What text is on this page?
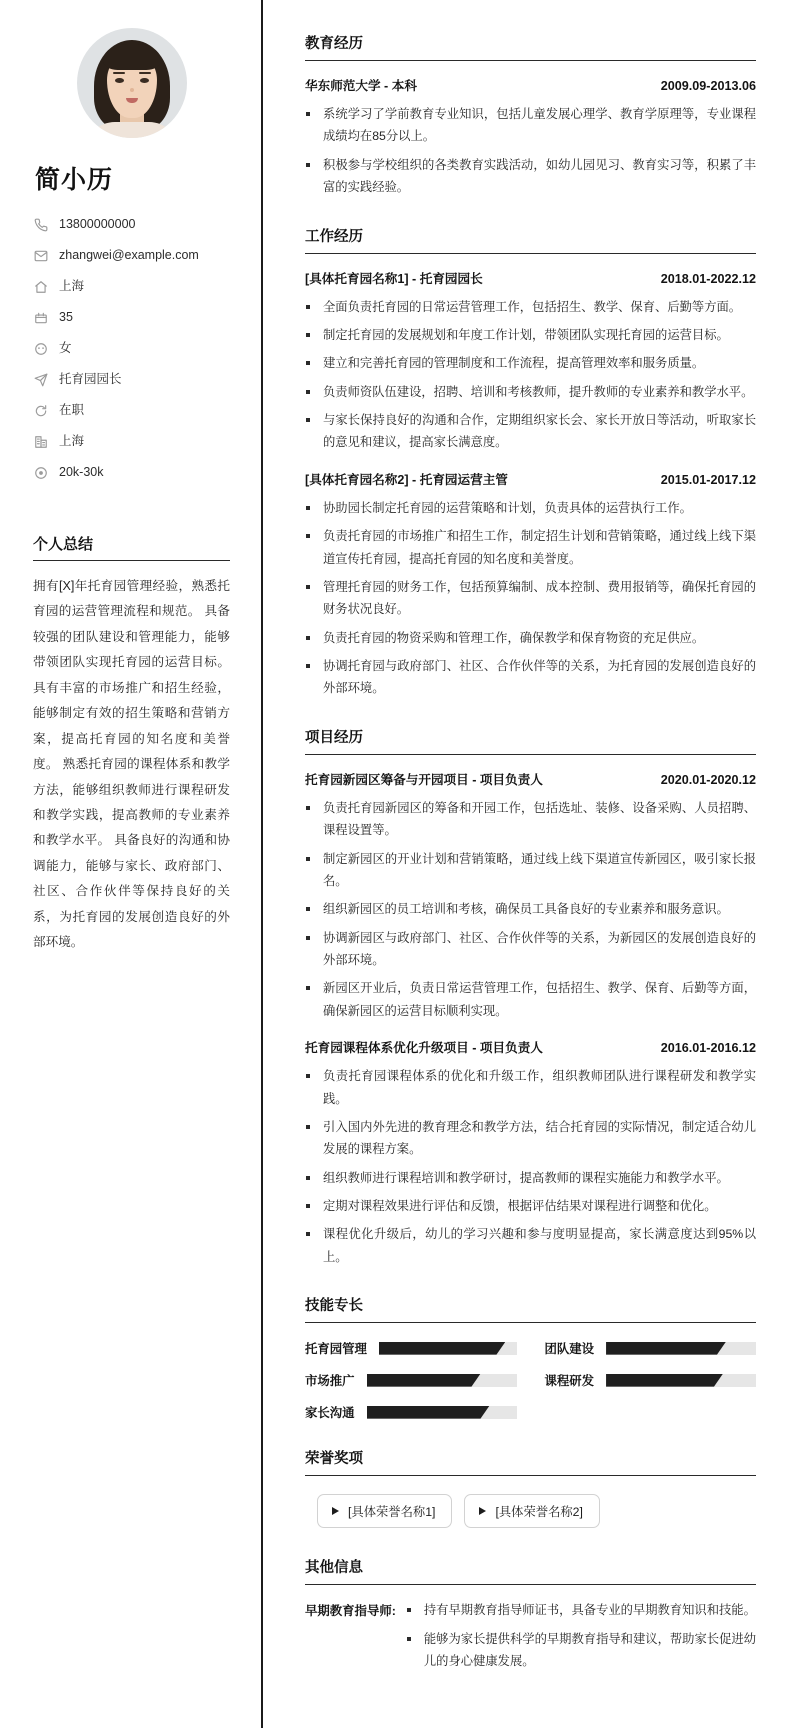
简小历
13800000000
zhangwei@example.com
上海
35
女
托育园园长
在职
上海
20k-30k
个人总结

拥有[X]年托育园管理经验，熟悉托育园的运营管理流程和规范。 具备较强的团队建设和管理能力，能够带领团队实现托育园的运营目标。 具有丰富的市场推广和招生经验，能够制定有效的招生策略和营销方案，提高托育园的知名度和美誉度。 熟悉托育园的课程体系和教学方法，能够组织教师进行课程研发和教学实践，提高教师的专业素养和教学水平。 具备良好的沟通和协调能力，能够与家长、政府部门、社区、合作伙伴等保持良好的关系，为托育园的发展创造良好的外部环境。

教育经历
华东师范大学 - 本科	2009.09-2013.06
系统学习了学前教育专业知识，包括儿童发展心理学、教育学原理等，专业课程成绩均在85分以上。
积极参与学校组织的各类教育实践活动，如幼儿园见习、教育实习等，积累了丰富的实践经验。
工作经历
[具体托育园名称1] - 托育园园长	2018.01-2022.12
全面负责托育园的日常运营管理工作，包括招生、教学、保育、后勤等方面。
制定托育园的发展规划和年度工作计划，带领团队实现托育园的运营目标。
建立和完善托育园的管理制度和工作流程，提高管理效率和服务质量。
负责师资队伍建设，招聘、培训和考核教师，提升教师的专业素养和教学水平。
与家长保持良好的沟通和合作，定期组织家长会、家长开放日等活动，听取家长的意见和建议，提高家长满意度。
[具体托育园名称2] - 托育园运营主管	2015.01-2017.12
协助园长制定托育园的运营策略和计划，负责具体的运营执行工作。
负责托育园的市场推广和招生工作，制定招生计划和营销策略，通过线上线下渠道宣传托育园，提高托育园的知名度和美誉度。
管理托育园的财务工作，包括预算编制、成本控制、费用报销等，确保托育园的财务状况良好。
负责托育园的物资采购和管理工作，确保教学和保育物资的充足供应。
协调托育园与政府部门、社区、合作伙伴等的关系，为托育园的发展创造良好的外部环境。
项目经历
托育园新园区筹备与开园项目 - 项目负责人	2020.01-2020.12
负责托育园新园区的筹备和开园工作，包括选址、装修、设备采购、人员招聘、课程设置等。
制定新园区的开业计划和营销策略，通过线上线下渠道宣传新园区，吸引家长报名。
组织新园区的员工培训和考核，确保员工具备良好的专业素养和服务意识。
协调新园区与政府部门、社区、合作伙伴等的关系，为新园区的发展创造良好的外部环境。
新园区开业后，负责日常运营管理工作，包括招生、教学、保育、后勤等方面，确保新园区的运营目标顺利实现。
托育园课程体系优化升级项目 - 项目负责人	2016.01-2016.12
负责托育园课程体系的优化和升级工作，组织教师团队进行课程研发和教学实践。
引入国内外先进的教育理念和教学方法，结合托育园的实际情况，制定适合幼儿发展的课程方案。
组织教师进行课程培训和教学研讨，提高教师的课程实施能力和教学水平。
定期对课程效果进行评估和反馈，根据评估结果对课程进行调整和优化。
课程优化升级后，幼儿的学习兴趣和参与度明显提高，家长满意度达到95%以上。
技能专长
托育园管理	团队建设
市场推广	课程研发
家长沟通
荣誉奖项
[具体荣誉名称1]	[具体荣誉名称2]
其他信息
早期教育指导师:	持有早期教育指导师证书，具备专业的早期教育知识和技能。
能够为家长提供科学的早期教育指导和建议，帮助家长促进幼儿的身心健康发展。
